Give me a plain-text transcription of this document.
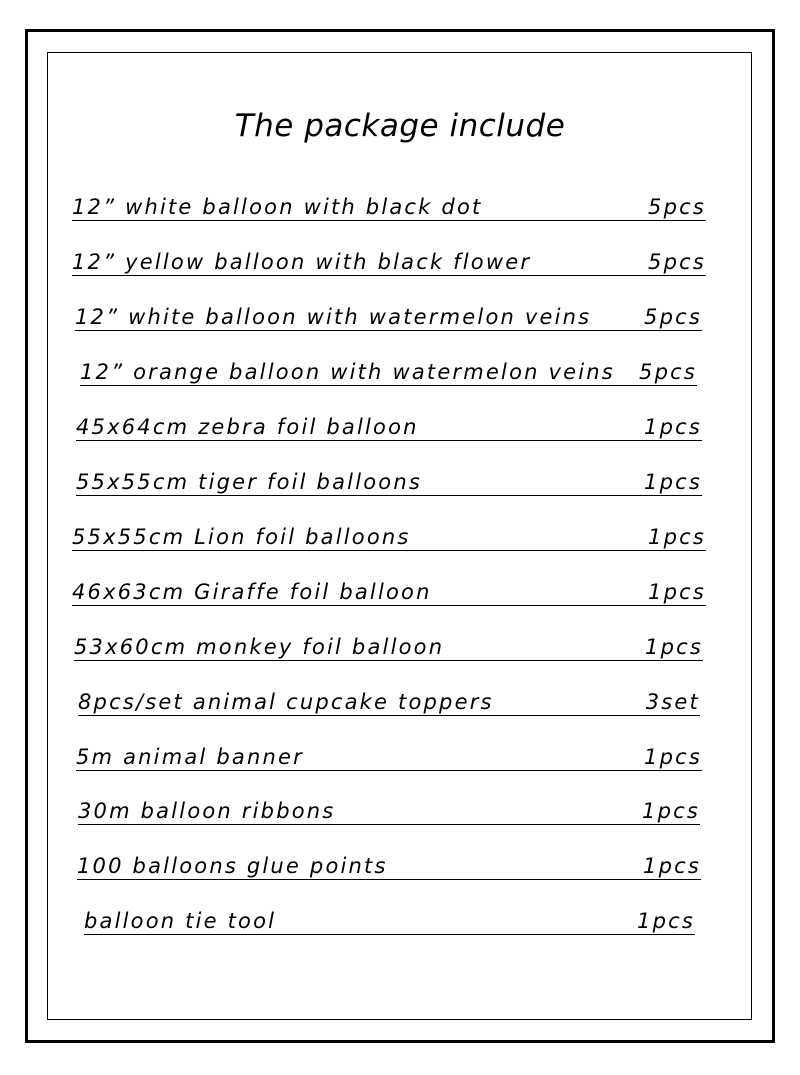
The package include
12” white balloon with black dot	5pcs
12” yellow balloon with black flower	5pcs
12” white balloon with watermelon veins	5pcs
12” orange balloon with watermelon veins 5pcs
45x64cm zebra foil balloon	1pcs
55x55cm tiger foil balloons	1pcs
55x55cm Lion foil balloons	1pcs
46x63cm Giraffe foil balloon	1pcs
53x60cm monkey foil balloon	1pcs
8pcs/set animal cupcake toppers	3set
5m animal banner	1pcs
30m balloon ribbons	1pcs
100 balloons glue points	1pcs
balloon tie tool	1pcs
